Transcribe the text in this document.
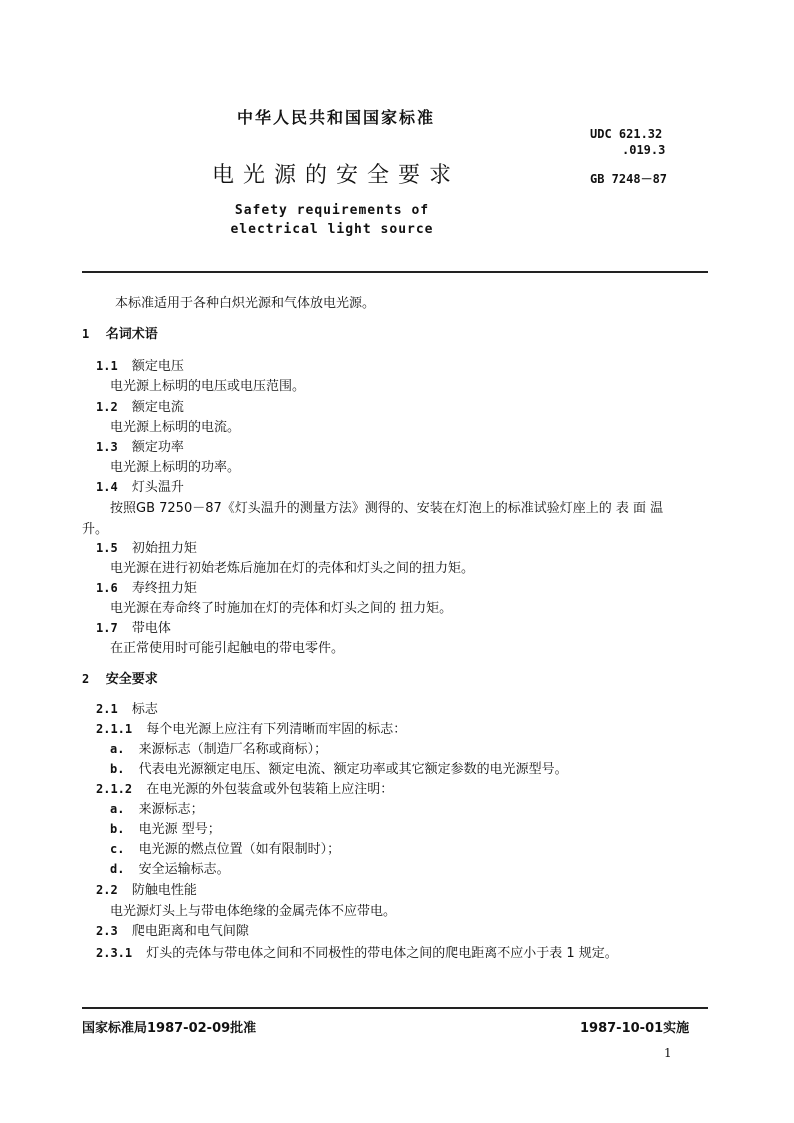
中华人民共和国国家标准
UDC 621.32
.019.3
电光源的安全要求	GB 7248－87
Safety requirements of
electrical light source
本标准适用于各种白炽光源和气体放电光源。
1 名词术语
1.1 额定电压
电光源上标明的电压或电压范围。
1.2 额定电流
电光源上标明的电流。
1.3 额定功率
电光源上标明的功率。
1.4 灯头温升
按照GB 7250－87《灯头温升的测量方法》测得的、安装在灯泡上的标准试验灯座上的 表 面 温
升。
1.5 初始扭力矩
电光源在进行初始老炼后施加在灯的壳体和灯头之间的扭力矩。
1.6 寿终扭力矩
电光源在寿命终了时施加在灯的壳体和灯头之间的 扭力矩。
1.7 带电体
在正常使用时可能引起触电的带电零件。
2 安全要求
2.1 标志
2.1.1 每个电光源上应注有下列清晰而牢固的标志：
a. 来源标志（制造厂名称或商标）；
b. 代表电光源额定电压、额定电流、额定功率或其它额定参数的电光源型号。
2.1.2 在电光源的外包装盒或外包装箱上应注明：
a. 来源标志；
b. 电光源 型号；
c. 电光源的燃点位置（如有限制时）；
d. 安全运输标志。
2.2 防触电性能
电光源灯头上与带电体绝缘的金属壳体不应带电。
2.3 爬电距离和电气间隙
2.3.1 灯头的壳体与带电体之间和不同极性的带电体之间的爬电距离不应小于表 1 规定。
国家标准局1987-02-09批准	1987-10-01实施
1
